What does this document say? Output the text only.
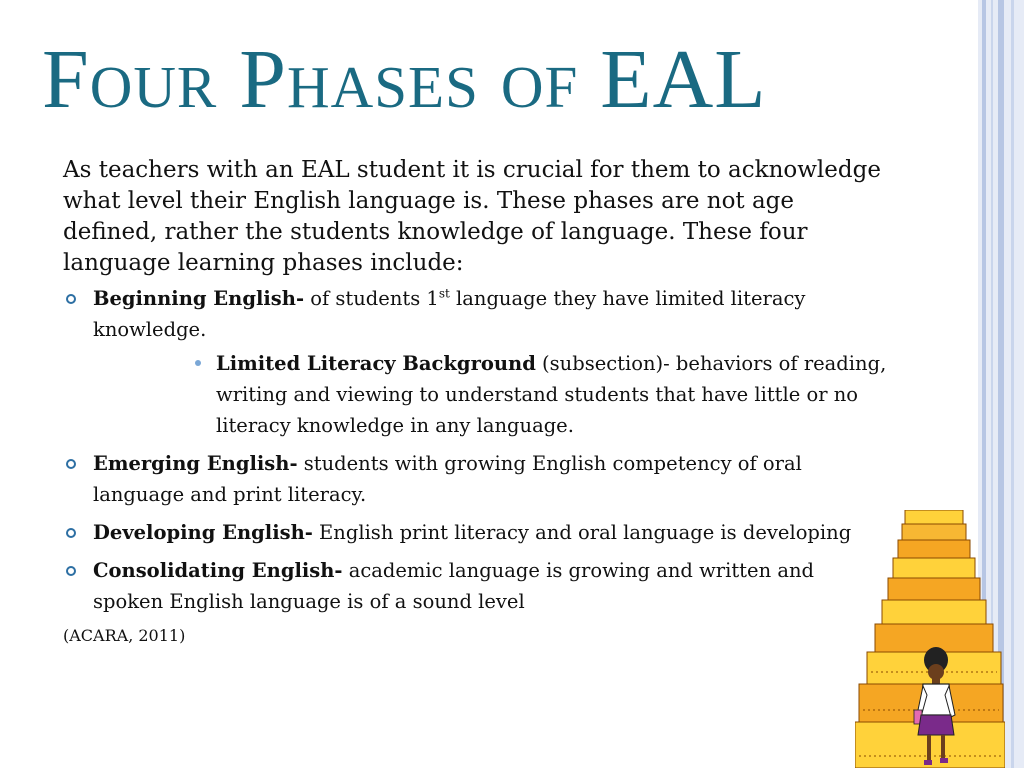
Four Phases of EAL

As teachers with an EAL student it is crucial for them to acknowledge what level their English language is. These phases are not age defined, rather the students knowledge of language. These four language learning phases include:

Beginning English- of students 1st language they have limited literacy knowledge.
Limited Literacy Background (subsection)- behaviors of reading, writing and viewing to understand students that have little or no literacy knowledge in any language.
Emerging English- students with growing English competency of oral language and print literacy.
Developing English- English print literacy and oral language is developing
Consolidating English- academic language is growing and written and spoken English language is of a sound level

(ACARA, 2011)
